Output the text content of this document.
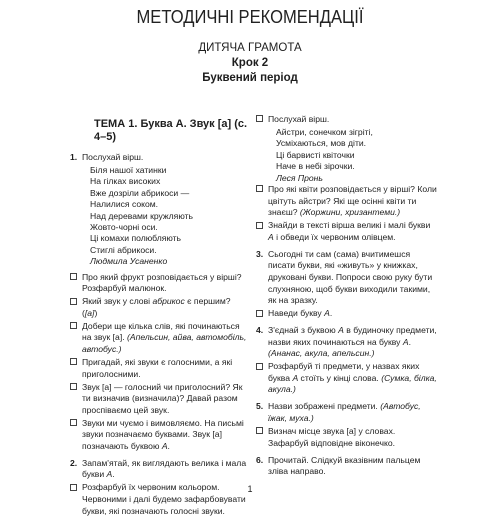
МЕТОДИЧНІ РЕКОМЕНДАЦІЇ
ДИТЯЧА ГРАМОТА
Крок 2
Буквений період
ТЕМА 1. Буква А. Звук [а] (с. 4–5)
1. Послухай вірш.
Біля нашої хатинки
На гілках високих
Вже дозріли абрикоси —
Налилися соком.
Над деревами кружляють
Жовто-чорні оси.
Ці комахи полюбляють
Стиглі абрикоси.
Людмила Усаненко
Про який фрукт розповідається у вірші? Розфарбуй малюнок.
Який звук у слові абрикос є першим? ([а])
Добери ще кілька слів, які починаються на звук [а]. (Апельсин, айва, автомобіль, автобус.)
Пригадай, які звуки є голосними, а які приголосними.
Звук [а] — голосний чи приголосний? Як ти визначив (визначила)? Давай разом проспіваємо цей звук.
Звуки ми чуємо і вимовляємо. На письмі звуки позначаємо буквами. Звук [а] позначають буквою А.
2. Запам'ятай, як виглядають велика і мала букви А.
Розфарбуй їх червоним кольором. Червоними і далі будемо зафарбовувати букви, які позначають голосні звуки.
Послухай вірш.
Айстри, сонечком зігріті,
Усміхаються, мов діти.
Ці барвисті квіточки
Наче в небі зірочки.
Леся Пронь
Про які квіти розповідається у вірші? Коли цвітуть айстри? Які ще осінні квіти ти знаєш? (Жоржини, хризантеми.)
Знайди в тексті вірша великі і малі букви А і обведи їх червоним олівцем.
3. Сьогодні ти сам (сама) вчитимешся писати букви, які «живуть» у книжках, друковані букви. Попроси свою руку бути слухняною, щоб букви виходили такими, як на зразку.
Наведи букву А.
4. З'єднай з буквою А в будиночку предмети, назви яких починаються на букву А. (Ананас, акула, апельсин.)
Розфарбуй ті предмети, у назвах яких буква А стоїть у кінці слова. (Сумка, білка, акула.)
5. Назви зображені предмети. (Автобус, їжак, муха.)
Визнач місце звука [а] у словах. Зафарбуй відповідне віконечко.
6. Прочитай. Слідкуй вказівним пальцем зліва направо.
1
